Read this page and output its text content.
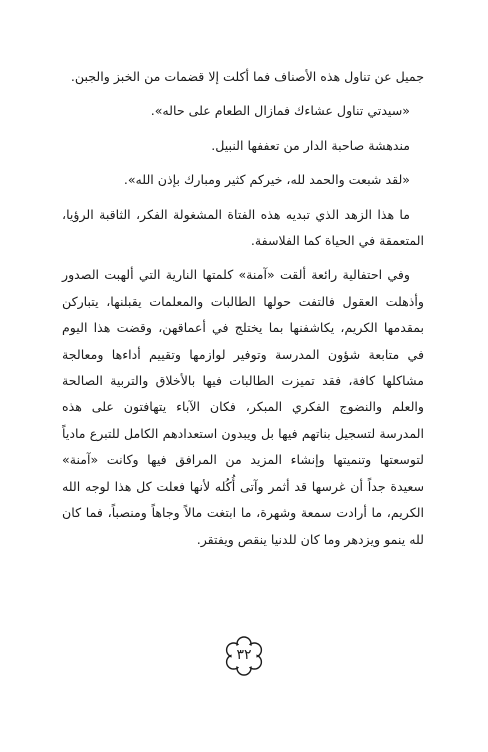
جميل عن تناول هذه الأصناف فما أكلت إلا قضمات من الخبز والجبن.

«سيدتي تناول عشاءك فمازال الطعام على حاله».

مندهشة صاحبة الدار من تعففها النبيل.

«لقد شبعت والحمد لله، خيركم كثير ومبارك بإذن الله».

ما هذا الزهد الذي تبديه هذه الفتاة المشغولة الفكر، الثاقبة الرؤيا، المتعمقة في الحياة كما الفلاسفة.

وفي احتفالية رائعة ألقت «آمنة» كلمتها النارية التي ألهبت الصدور وأذهلت العقول فالتفت حولها الطالبات والمعلمات يقبلنها، يتباركن بمقدمها الكريم، يكاشفنها بما يختلج في أعماقهن، وقضت هذا اليوم في متابعة شؤون المدرسة وتوفير لوازمها وتقييم أداءها ومعالجة مشاكلها كافة، فقد تميزت الطالبات فيها بالأخلاق والتربية الصالحة والعلم والنضوج الفكري المبكر، فكان الآباء يتهافتون على هذه المدرسة لتسجيل بناتهم فيها بل ويبدون استعدادهم الكامل للتبرع مادياً لتوسعتها وتنميتها وإنشاء المزيد من المرافق فيها وكانت «آمنة» سعيدة جداً أن غرسها قد أثمر وآتى أُكُله لأنها فعلت كل هذا لوجه الله الكريم، ما أرادت سمعة وشهرة، ما ابتغت مالاً وجاهاً ومنصباً، فما كان لله ينمو ويزدهر وما كان للدنيا ينقص ويفتقر.

٣٢
